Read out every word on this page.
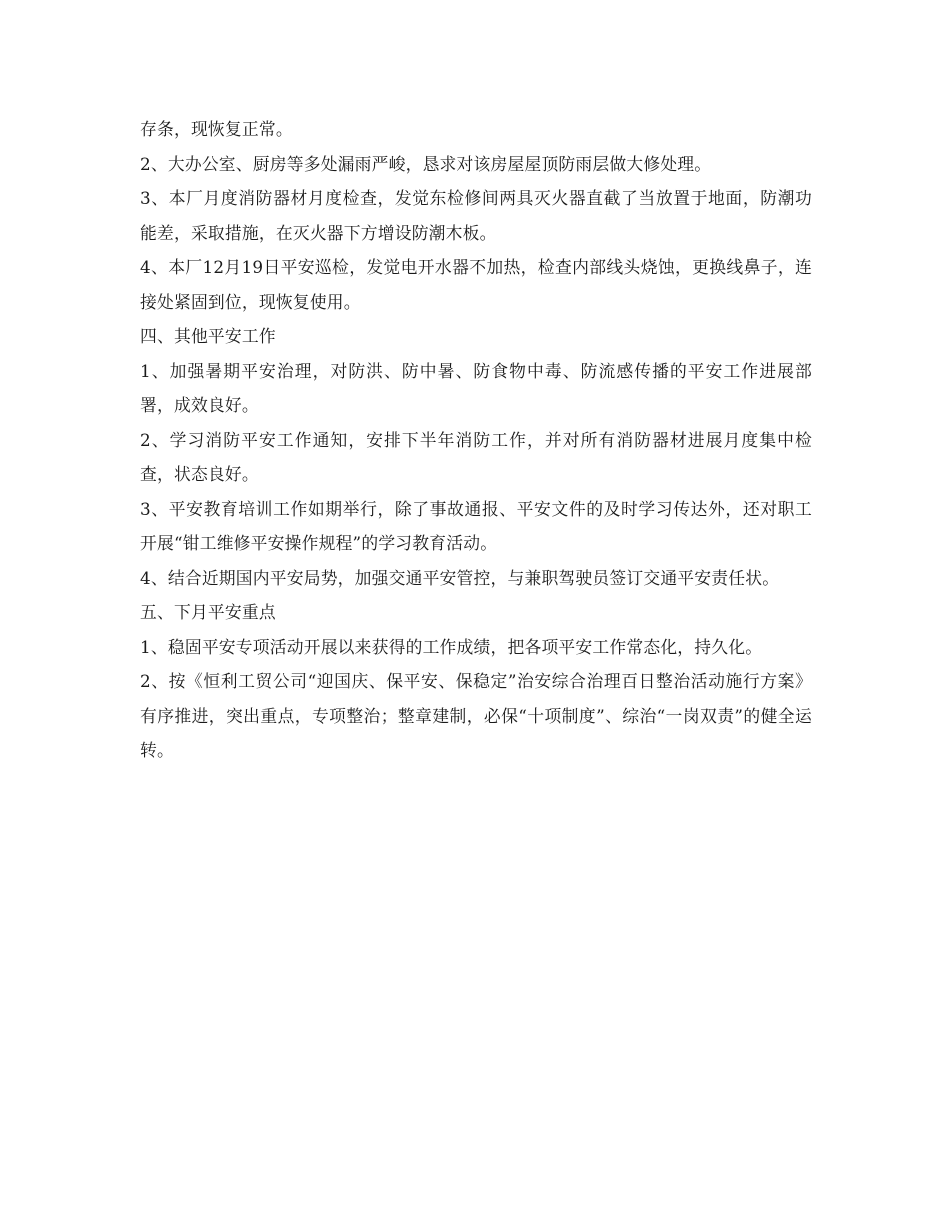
存条，现恢复正常。

2、大办公室、厨房等多处漏雨严峻，恳求对该房屋屋顶防雨层做大修处理。

3、本厂月度消防器材月度检查，发觉东检修间两具灭火器直截了当放置于地面，防潮功能差，采取措施，在灭火器下方增设防潮木板。

4、本厂12月19日平安巡检，发觉电开水器不加热，检查内部线头烧蚀，更换线鼻子，连接处紧固到位，现恢复使用。

四、其他平安工作

1、加强暑期平安治理，对防洪、防中暑、防食物中毒、防流感传播的平安工作进展部署，成效良好。

2、学习消防平安工作通知，安排下半年消防工作，并对所有消防器材进展月度集中检查，状态良好。

3、平安教育培训工作如期举行，除了事故通报、平安文件的及时学习传达外，还对职工开展“钳工维修平安操作规程”的学习教育活动。

4、结合近期国内平安局势，加强交通平安管控，与兼职驾驶员签订交通平安责任状。

五、下月平安重点

1、稳固平安专项活动开展以来获得的工作成绩，把各项平安工作常态化，持久化。

2、按《恒利工贸公司“迎国庆、保平安、保稳定”治安综合治理百日整治活动施行方案》有序推进，突出重点，专项整治；整章建制，必保“十项制度”、综治“一岗双责”的健全运转。
